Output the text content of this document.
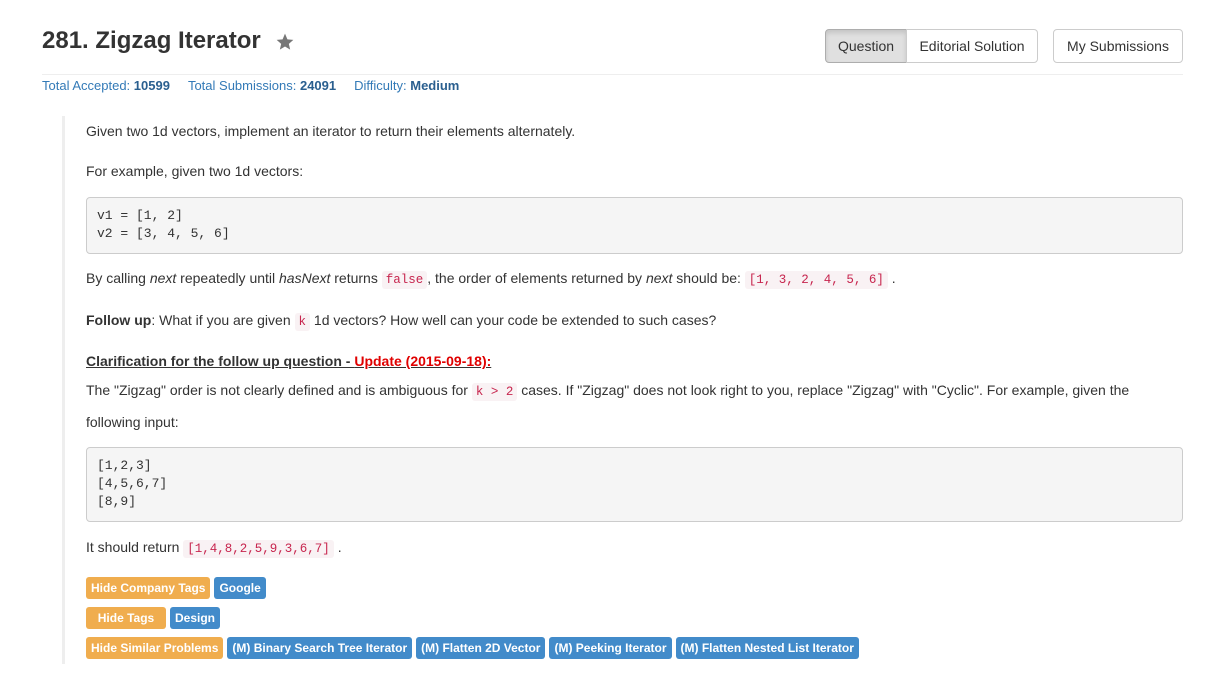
281. Zigzag Iterator	Question	Editorial Solution	My Submissions
Total Accepted: 10599 Total Submissions: 24091 Difficulty: Medium

Given two 1d vectors, implement an iterator to return their elements alternately.

For example, given two 1d vectors:

v1 = [1, 2]
v2 = [3, 4, 5, 6]

By calling next repeatedly until hasNext returns false , the order of elements returned by next should be: [1, 3, 2, 4, 5, 6] .

Follow up: What if you are given k 1d vectors? How well can your code be extended to such cases?

Clarification for the follow up question - Update (2015-09-18):

The "Zigzag" order is not clearly defined and is ambiguous for k > 2 cases. If "Zigzag" does not look right to you, replace "Zigzag" with "Cyclic". For example, given the

following input:

[1,2,3]
[4,5,6,7]
[8,9]

It should return [1,4,8,2,5,9,3,6,7] .

Hide Company Tags	Google
Hide Tags	Design
Hide Similar Problems	(M) Binary Search Tree Iterator	(M) Flatten 2D Vector	(M) Peeking Iterator	(M) Flatten Nested List Iterator
